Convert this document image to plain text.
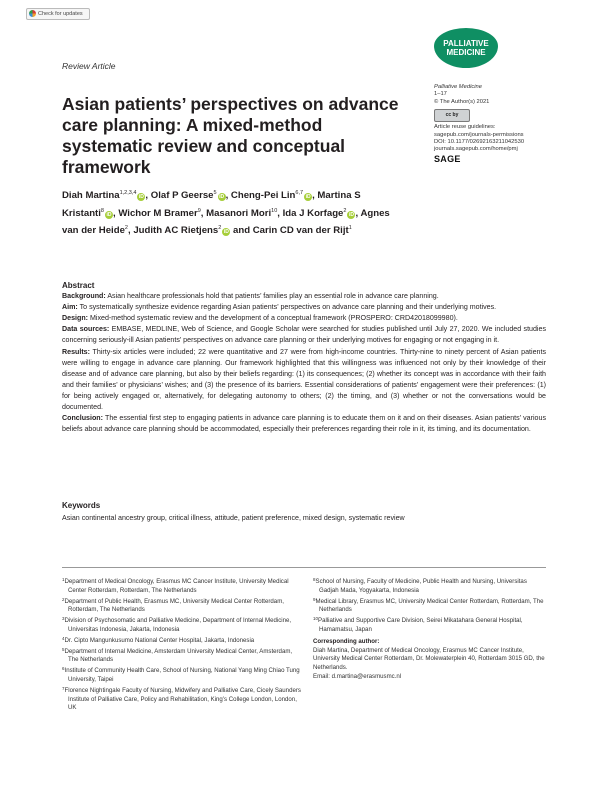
Check for updates
PALLIATIVE
MEDICINE
Review Article
Asian patients’ perspectives on advance care planning: A mixed-method systematic review and conceptual framework
Palliative Medicine
1–17
© The Author(s) 2021
cc by
Article reuse guidelines:
sagepub.com/journals-permissions
DOI: 10.1177/02692163211042530
journals.sagepub.com/home/pmj
SAGE
Diah Martina$^{1,2,3,4}$iD , Olaf P Geerse$^5$iD , Cheng-Pei Lin$^{6,7}$iD , Martina S Kristanti$^8$iD , Wichor M Bramer$^9$, Masanori Mori$^{10}$, Ida J Korfage$^2$iD , Agnes van der Heide$^2$, Judith AC Rietjens$^2$iD and Carin CD van der Rijt$^1$
Abstract

Background: Asian healthcare professionals hold that patients’ families play an essential role in advance care planning.

Aim: To systematically synthesize evidence regarding Asian patients’ perspectives on advance care planning and their underlying motives.

Design: Mixed-method systematic review and the development of a conceptual framework (PROSPERO: CRD42018099980).

Data sources: EMBASE, MEDLINE, Web of Science, and Google Scholar were searched for studies published until July 27, 2020. We included studies concerning seriously-ill Asian patients’ perspectives on advance care planning or their underlying motives for engaging or not engaging in it.

Results: Thirty-six articles were included; 22 were quantitative and 27 were from high-income countries. Thirty-nine to ninety percent of Asian patients were willing to engage in advance care planning. Our framework highlighted that this willingness was influenced not only by their knowledge of their disease and of advance care planning, but also by their beliefs regarding: (1) its consequences; (2) whether its concept was in accordance with their faith and their families’ or physicians’ wishes; and (3) the presence of its barriers. Essential considerations of patients’ engagement were their preferences: (1) for being actively engaged or, alternatively, for delegating autonomy to others; (2) the timing, and (3) whether or not the conversations would be documented.

Conclusion: The essential first step to engaging patients in advance care planning is to educate them on it and on their diseases. Asian patients’ various beliefs about advance care planning should be accommodated, especially their preferences regarding their role in it, its timing, and its documentation.

Keywords
Asian continental ancestry group, critical illness, attitude, patient preference, mixed design, systematic review

$^1$Department of Medical Oncology, Erasmus MC Cancer Institute, University Medical Center Rotterdam, Rotterdam, The Netherlands

$^2$Department of Public Health, Erasmus MC, University Medical Center Rotterdam, Rotterdam, The Netherlands

$^3$Division of Psychosomatic and Palliative Medicine, Department of Internal Medicine, Universitas Indonesia, Jakarta, Indonesia

$^4$Dr. Cipto Mangunkusumo National Center Hospital, Jakarta, Indonesia

$^5$Department of Internal Medicine, Amsterdam University Medical Center, Amsterdam, The Netherlands

$^6$Institute of Community Health Care, School of Nursing, National Yang Ming Chiao Tung University, Taipei

$^7$Florence Nightingale Faculty of Nursing, Midwifery and Palliative Care, Cicely Saunders Institute of Palliative Care, Policy and Rehabilitation, King’s College London, London, UK

$^8$School of Nursing, Faculty of Medicine, Public Health and Nursing, Universitas Gadjah Mada, Yogyakarta, Indonesia

$^9$Medical Library, Erasmus MC, University Medical Center Rotterdam, Rotterdam, The Netherlands

$^{10}$Palliative and Supportive Care Division, Seirei Mikatahara General Hospital, Hamamatsu, Japan

Corresponding author:

Diah Martina, Department of Medical Oncology, Erasmus MC Cancer Institute, University Medical Center Rotterdam, Dr. Molewaterplein 40, Rotterdam 3015 GD, the Netherlands.

Email: d.martina@erasmusmc.nl
